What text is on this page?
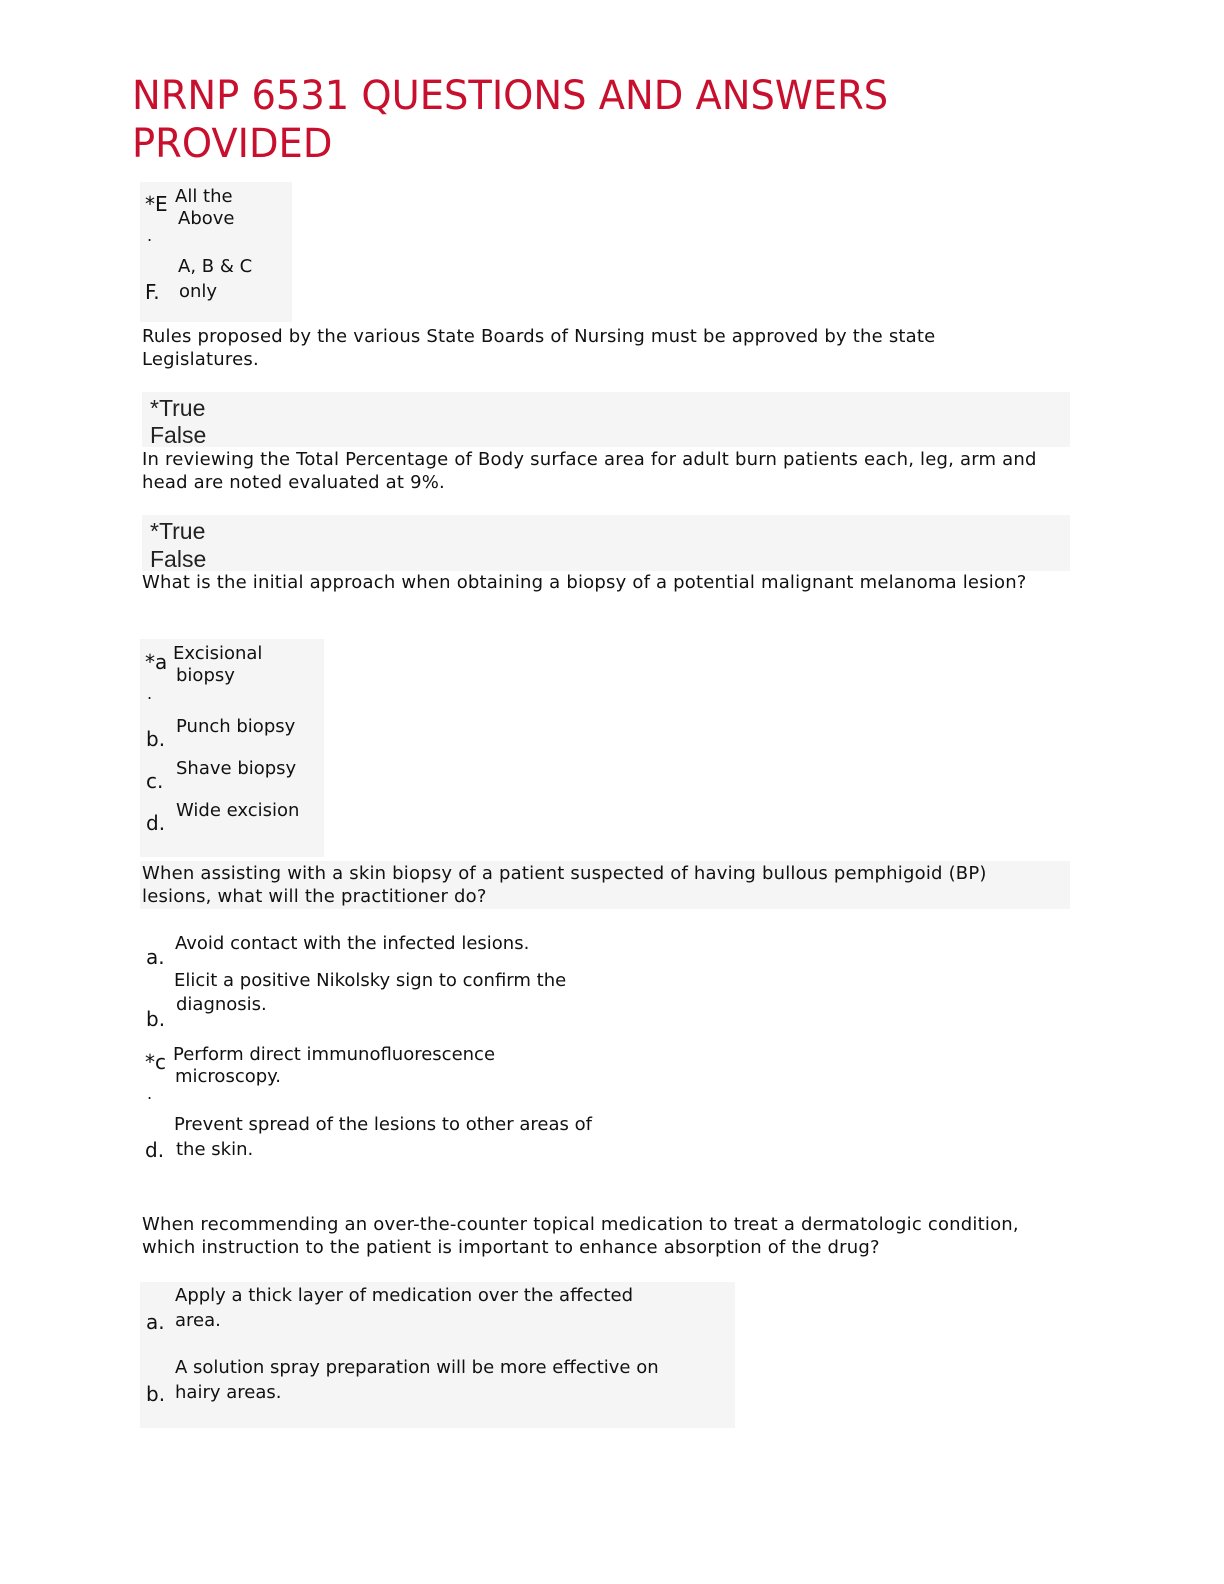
NRNP 6531 QUESTIONS AND ANSWERS PROVIDED
*E
.
All the
Above
A, B & C
F. only
Rules proposed by the various State Boards of Nursing must be approved by the state Legislatures.
*True
False
In reviewing the Total Percentage of Body surface area for adult burn patients each, leg, arm and head are noted evaluated at 9%.
*True
False
What is the initial approach when obtaining a biopsy of a potential malignant melanoma lesion?
*a
.
Excisional
biopsy
b.
Punch biopsy
c.
Shave biopsy
d.
Wide excision
When assisting with a skin biopsy of a patient suspected of having bullous pemphigoid (BP) lesions, what will the practitioner do?
a.
Avoid contact with the infected lesions.
Elicit a positive Nikolsky sign to confirm the
b.
diagnosis.
*c
.
Perform direct immunofluorescence
microscopy.
Prevent spread of the lesions to other areas of
d. the skin.
When recommending an over-the-counter topical medication to treat a dermatologic condition, which instruction to the patient is important to enhance absorption of the drug?
Apply a thick layer of medication over the affected
a. area.
A solution spray preparation will be more effective on
b. hairy areas.
